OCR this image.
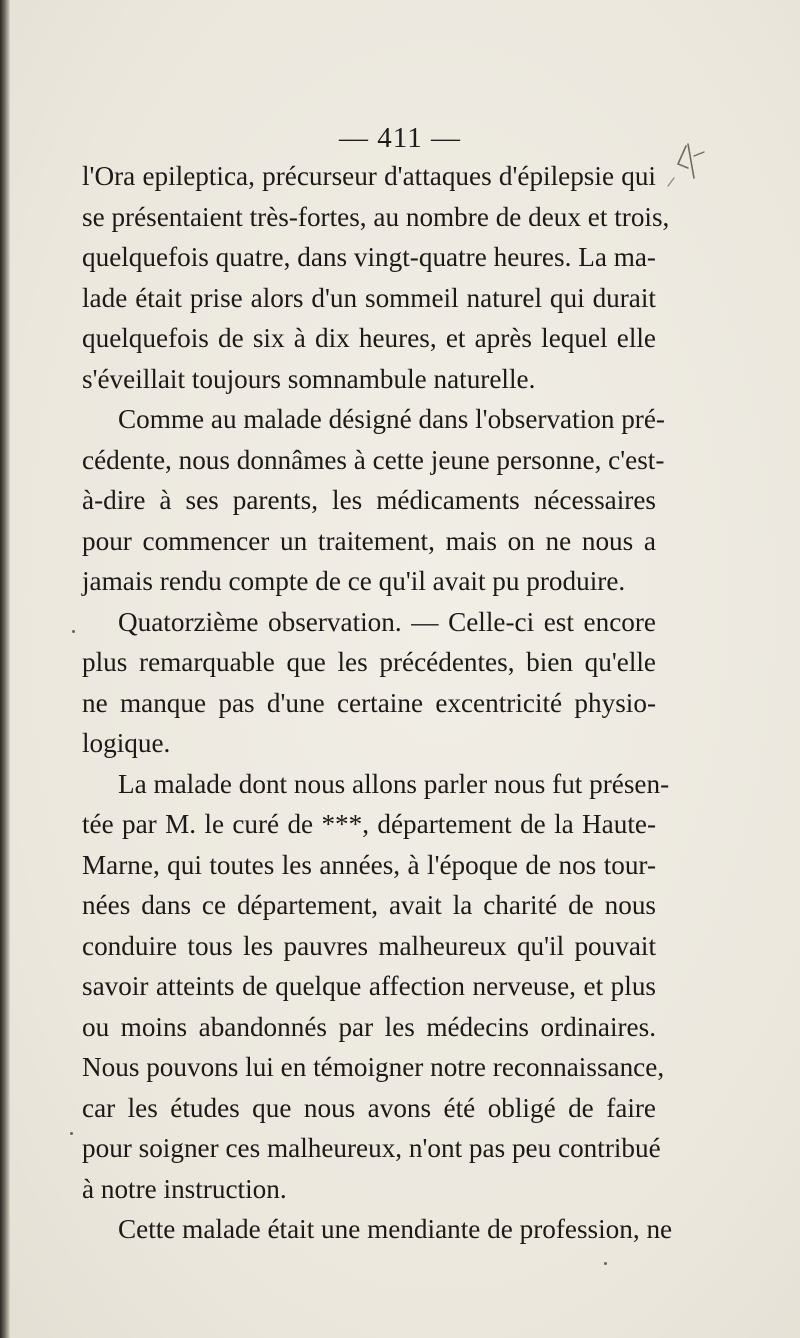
— 411 —
l'Ora epileptica, précurseur d'attaques d'épilepsie qui
se présentaient très-fortes, au nombre de deux et trois,
quelquefois quatre, dans vingt-quatre heures. La ma-
lade était prise alors d'un sommeil naturel qui durait
quelquefois de six à dix heures, et après lequel elle
s'éveillait toujours somnambule naturelle.
Comme au malade désigné dans l'observation pré-
cédente, nous donnâmes à cette jeune personne, c'est-
à-dire à ses parents, les médicaments nécessaires
pour commencer un traitement, mais on ne nous a
jamais rendu compte de ce qu'il avait pu produire.
Quatorzième observation. — Celle-ci est encore
plus remarquable que les précédentes, bien qu'elle
ne manque pas d'une certaine excentricité physio-
logique.
La malade dont nous allons parler nous fut présen-
tée par M. le curé de ***, département de la Haute-
Marne, qui toutes les années, à l'époque de nos tour-
nées dans ce département, avait la charité de nous
conduire tous les pauvres malheureux qu'il pouvait
savoir atteints de quelque affection nerveuse, et plus
ou moins abandonnés par les médecins ordinaires.
Nous pouvons lui en témoigner notre reconnaissance,
car les études que nous avons été obligé de faire
pour soigner ces malheureux, n'ont pas peu contribué
à notre instruction.
Cette malade était une mendiante de profession, ne
